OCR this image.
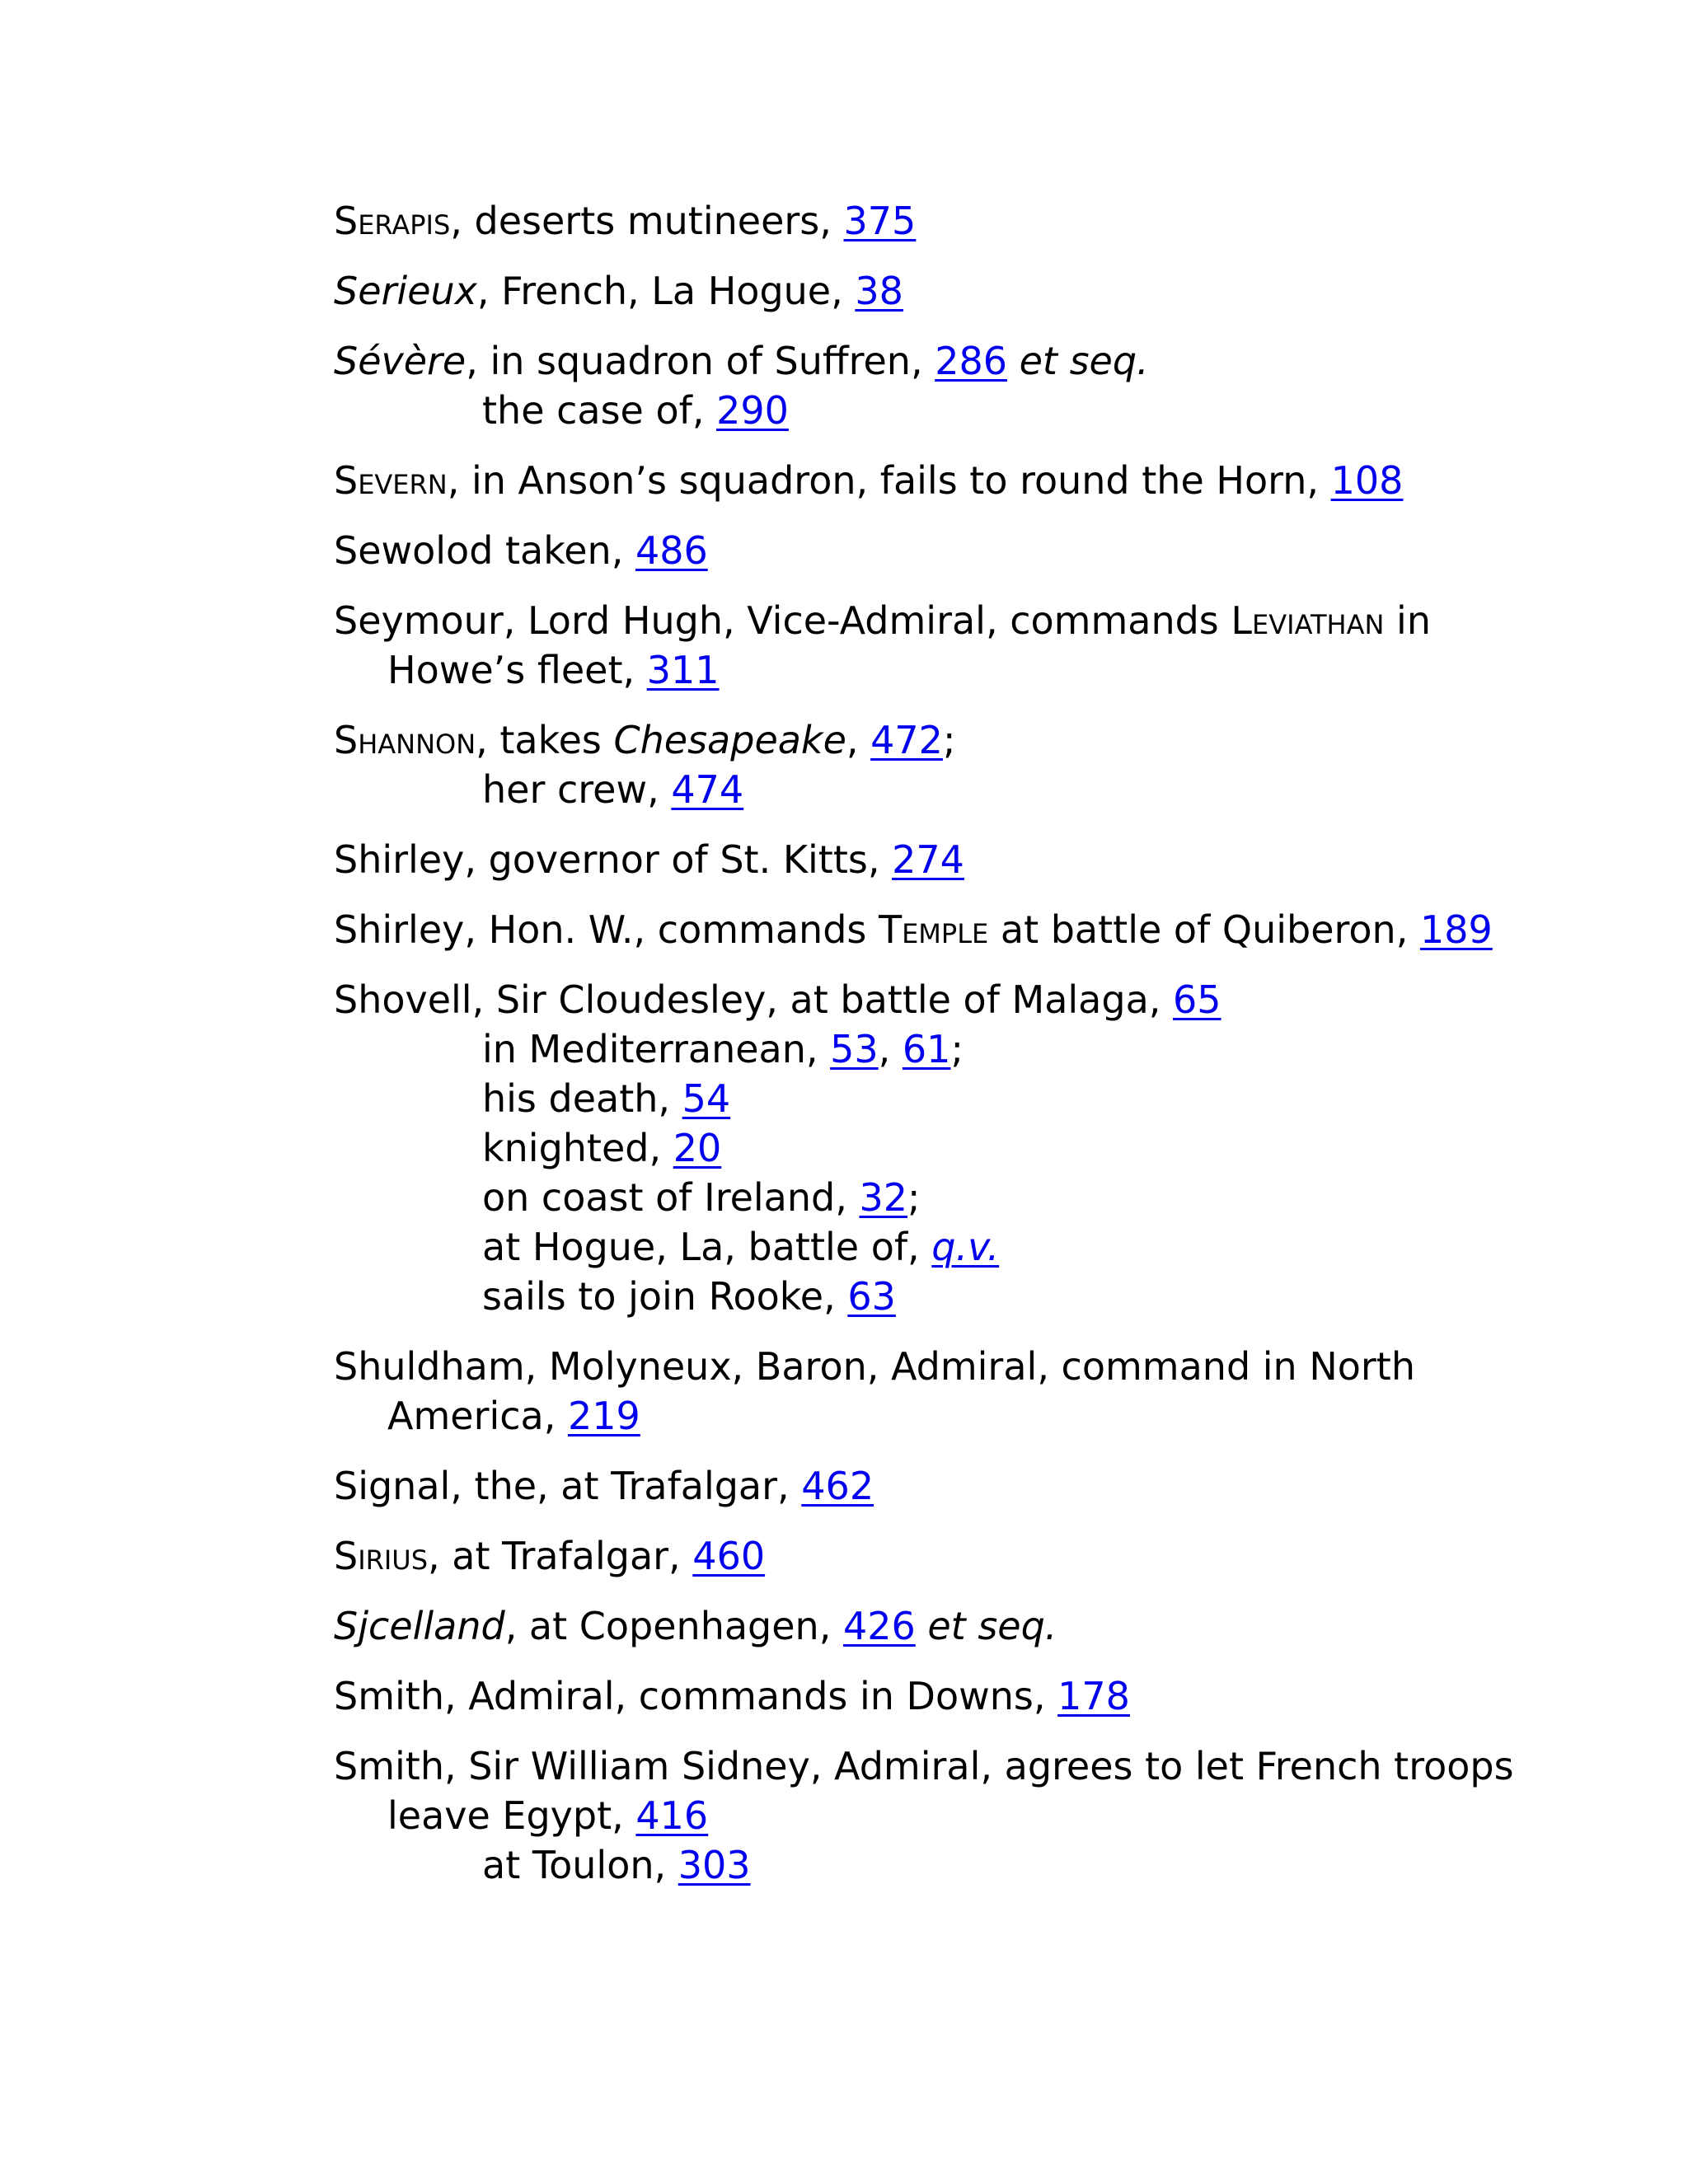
Serapis, deserts mutineers, 375
Serieux, French, La Hogue, 38
Sévère, in squadron of Suffren, 286 et seq.
the case of, 290
Severn, in Anson’s squadron, fails to round the Horn, 108
Sewolod taken, 486
Seymour, Lord Hugh, Vice-Admiral, commands Leviathan in Howe’s fleet, 311
Shannon, takes Chesapeake, 472;
her crew, 474
Shirley, governor of St. Kitts, 274
Shirley, Hon. W., commands Temple at battle of Quiberon, 189
Shovell, Sir Cloudesley, at battle of Malaga, 65
in Mediterranean, 53, 61;
his death, 54
knighted, 20
on coast of Ireland, 32;
at Hogue, La, battle of, q.v.
sails to join Rooke, 63
Shuldham, Molyneux, Baron, Admiral, command in North America, 219
Signal, the, at Trafalgar, 462
Sirius, at Trafalgar, 460
Sjcelland, at Copenhagen, 426 et seq.
Smith, Admiral, commands in Downs, 178
Smith, Sir William Sidney, Admiral, agrees to let French troops leave Egypt, 416
at Toulon, 303
